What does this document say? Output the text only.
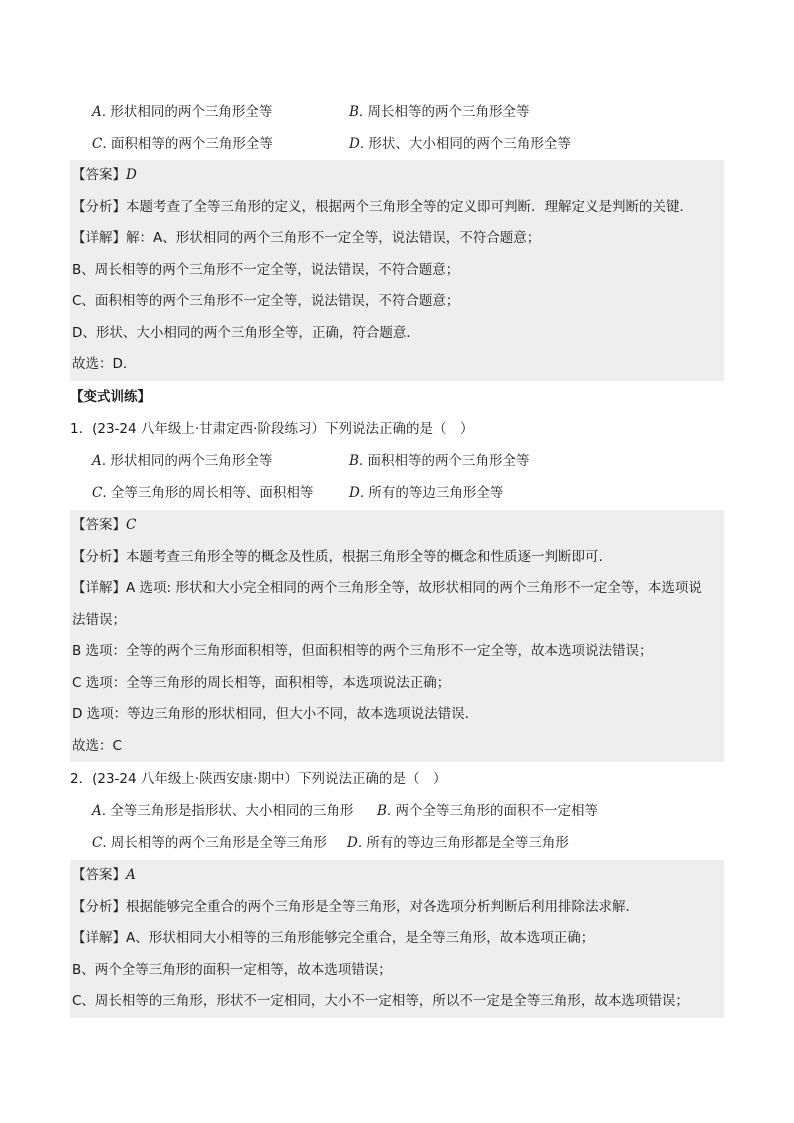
A. 形状相同的两个三角形全等	B. 周长相等的两个三角形全等
C. 面积相等的两个三角形全等	D. 形状、大小相同的两个三角形全等
【答案】D
【分析】本题考查了全等三角形的定义，根据两个三角形全等的定义即可判断．理解定义是判断的关键．
【详解】解：A、形状相同的两个三角形不一定全等，说法错误，不符合题意；
B、周长相等的两个三角形不一定全等，说法错误，不符合题意；
C、面积相等的两个三角形不一定全等，说法错误，不符合题意；
D、形状、大小相同的两个三角形全等，正确，符合题意．
故选：D．
【变式训练】
1．(23-24 八年级上·甘肃定西·阶段练习）下列说法正确的是（　）
A. 形状相同的两个三角形全等	B. 面积相等的两个三角形全等
C. 全等三角形的周长相等、面积相等	D. 所有的等边三角形全等
【答案】C
【分析】本题考查三角形全等的概念及性质，根据三角形全等的概念和性质逐一判断即可.
【详解】A 选项: 形状和大小完全相同的两个三角形全等，故形状相同的两个三角形不一定全等，本选项说
法错误；
B 选项：全等的两个三角形面积相等，但面积相等的两个三角形不一定全等，故本选项说法错误；
C 选项：全等三角形的周长相等，面积相等，本选项说法正确；
D 选项：等边三角形的形状相同，但大小不同，故本选项说法错误.
故选：C
2．(23-24 八年级上·陕西安康·期中）下列说法正确的是（　）
A. 全等三角形是指形状、大小相同的三角形 B. 两个全等三角形的面积不一定相等
C. 周长相等的两个三角形是全等三角形 D. 所有的等边三角形都是全等三角形
【答案】A
【分析】根据能够完全重合的两个三角形是全等三角形，对各选项分析判断后利用排除法求解．
【详解】A、形状相同大小相等的三角形能够完全重合，是全等三角形，故本选项正确；
B、两个全等三角形的面积一定相等，故本选项错误；
C、周长相等的三角形，形状不一定相同，大小不一定相等，所以不一定是全等三角形，故本选项错误；
